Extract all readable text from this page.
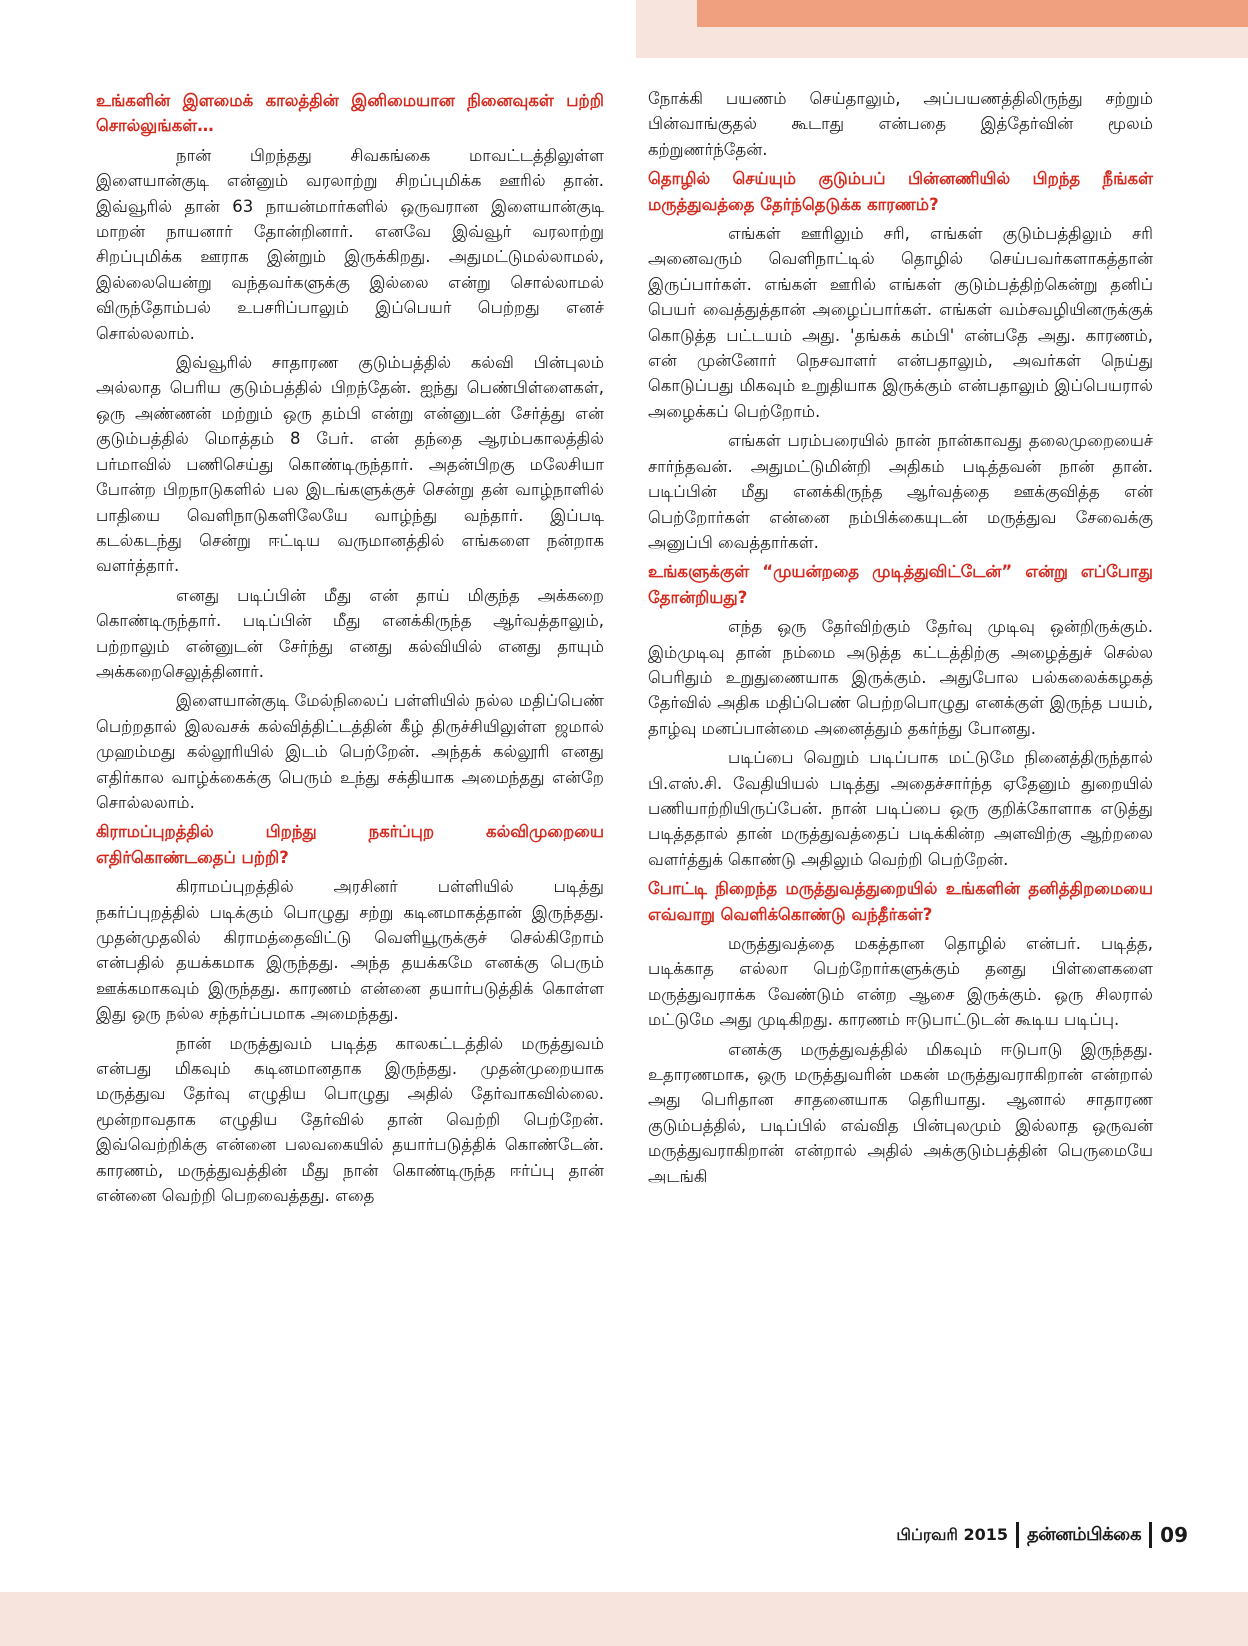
உங்களின் இளமைக் காலத்தின் இனிமையான நினைவுகள் பற்றி சொல்லுங்கள்…
நான் பிறந்தது சிவகங்கை மாவட்டத்திலுள்ள இளையான்குடி என்னும் வரலாற்று சிறப்புமிக்க ஊரில் தான். இவ்வூரில் தான் 63 நாயன்மார்களில் ஒருவரான இளையான்குடி மாறன் நாயனார் தோன்றினார். எனவே இவ்வூர் வரலாற்று சிறப்புமிக்க ஊராக இன்றும் இருக்கிறது. அதுமட்டுமல்லாமல், இல்லையென்று வந்தவர்களுக்கு இல்லை என்று சொல்லாமல் விருந்தோம்பல் உபசரிப்பாலும் இப்பெயர் பெற்றது எனச் சொல்லலாம்.
இவ்வூரில் சாதாரண குடும்பத்தில் கல்வி பின்புலம் அல்லாத பெரிய குடும்பத்தில் பிறந்தேன். ஐந்து பெண்பிள்ளைகள், ஒரு அண்ணன் மற்றும் ஒரு தம்பி என்று என்னுடன் சேர்த்து என் குடும்பத்தில் மொத்தம் 8 பேர். என் தந்தை ஆரம்பகாலத்தில் பர்மாவில் பணிசெய்து கொண்டிருந்தார். அதன்பிறகு மலேசியா போன்ற பிறநாடுகளில் பல இடங்களுக்குச் சென்று தன் வாழ்நாளில் பாதியை வெளிநாடுகளிலேயே வாழ்ந்து வந்தார். இப்படி கடல்கடந்து சென்று ஈட்டிய வருமானத்தில் எங்களை நன்றாக வளர்த்தார்.
எனது படிப்பின் மீது என் தாய் மிகுந்த அக்கறை கொண்டிருந்தார். படிப்பின் மீது எனக்கிருந்த ஆர்வத்தாலும், பற்றாலும் என்னுடன் சேர்ந்து எனது கல்வியில் எனது தாயும் அக்கறைசெலுத்தினார்.
இளையான்குடி மேல்நிலைப் பள்ளியில் நல்ல மதிப்பெண் பெற்றதால் இலவசக் கல்வித்திட்டத்தின் கீழ் திருச்சியிலுள்ள ஜமால் முஹம்மது கல்லூரியில் இடம் பெற்றேன். அந்தக் கல்லூரி எனது எதிர்கால வாழ்க்கைக்கு பெரும் உந்து சக்தியாக அமைந்தது என்றே சொல்லலாம்.
கிராமப்புறத்தில் பிறந்து நகர்ப்புற கல்விமுறையை எதிர்கொண்டதைப் பற்றி?
கிராமப்புறத்தில் அரசினர் பள்ளியில் படித்து நகர்ப்புறத்தில் படிக்கும் பொழுது சற்று கடினமாகத்தான் இருந்தது. முதன்முதலில் கிராமத்தைவிட்டு வெளியூருக்குச் செல்கிறோம் என்பதில் தயக்கமாக இருந்தது. அந்த தயக்கமே எனக்கு பெரும் ஊக்கமாகவும் இருந்தது. காரணம் என்னை தயார்படுத்திக் கொள்ள இது ஒரு நல்ல சந்தர்ப்பமாக அமைந்தது.
நான் மருத்துவம் படித்த காலகட்டத்தில் மருத்துவம் என்பது மிகவும் கடினமானதாக இருந்தது. முதன்முறையாக மருத்துவ தேர்வு எழுதிய பொழுது அதில் தேர்வாகவில்லை. மூன்றாவதாக எழுதிய தேர்வில் தான் வெற்றி பெற்றேன். இவ்வெற்றிக்கு என்னை பலவகையில் தயார்படுத்திக் கொண்டேன். காரணம், மருத்துவத்தின் மீது நான் கொண்டிருந்த ஈர்ப்பு தான் என்னை வெற்றி பெறவைத்தது. எதை
நோக்கி பயணம் செய்தாலும், அப்பயணத்திலிருந்து சற்றும் பின்வாங்குதல் கூடாது என்பதை இத்தேர்வின் மூலம் கற்றுணர்ந்தேன்.
தொழில் செய்யும் குடும்பப் பின்னணியில் பிறந்த நீங்கள் மருத்துவத்தை தேர்ந்தெடுக்க காரணம்?
எங்கள் ஊரிலும் சரி, எங்கள் குடும்பத்திலும் சரி அனைவரும் வெளிநாட்டில் தொழில் செய்பவர்களாகத்தான் இருப்பார்கள். எங்கள் ஊரில் எங்கள் குடும்பத்திற்கென்று தனிப் பெயர் வைத்துத்தான் அழைப்பார்கள். எங்கள் வம்சவழியினருக்குக் கொடுத்த பட்டயம் அது. 'தங்கக் கம்பி' என்பதே அது. காரணம், என் முன்னோர் நெசவாளர் என்பதாலும், அவர்கள் நெய்து கொடுப்பது மிகவும் உறுதியாக இருக்கும் என்பதாலும் இப்பெயரால் அழைக்கப் பெற்றோம்.
எங்கள் பரம்பரையில் நான் நான்காவது தலைமுறையைச் சார்ந்தவன். அதுமட்டுமின்றி அதிகம் படித்தவன் நான் தான். படிப்பின் மீது எனக்கிருந்த ஆர்வத்தை ஊக்குவித்த என் பெற்றோர்கள் என்னை நம்பிக்கையுடன் மருத்துவ சேவைக்கு அனுப்பி வைத்தார்கள்.
உங்களுக்குள் “முயன்றதை முடித்துவிட்டேன்” என்று எப்போது தோன்றியது?
எந்த ஒரு தேர்விற்கும் தேர்வு முடிவு ஒன்றிருக்கும். இம்முடிவு தான் நம்மை அடுத்த கட்டத்திற்கு அழைத்துச் செல்ல பெரிதும் உறுதுணையாக இருக்கும். அதுபோல பல்கலைக்கழகத் தேர்வில் அதிக மதிப்பெண் பெற்றபொழுது எனக்குள் இருந்த பயம், தாழ்வு மனப்பான்மை அனைத்தும் தகர்ந்து போனது.
படிப்பை வெறும் படிப்பாக மட்டுமே நினைத்திருந்தால் பி.எஸ்.சி. வேதியியல் படித்து அதைச்சார்ந்த ஏதேனும் துறையில் பணியாற்றியிருப்பேன். நான் படிப்பை ஒரு குறிக்கோளாக எடுத்து படித்ததால் தான் மருத்துவத்தைப் படிக்கின்ற அளவிற்கு ஆற்றலை வளர்த்துக் கொண்டு அதிலும் வெற்றி பெற்றேன்.
போட்டி நிறைந்த மருத்துவத்துறையில் உங்களின் தனித்திறமையை எவ்வாறு வெளிக்கொண்டு வந்தீர்கள்?
மருத்துவத்தை மகத்தான தொழில் என்பர். படித்த, படிக்காத எல்லா பெற்றோர்களுக்கும் தனது பிள்ளைகளை மருத்துவராக்க வேண்டும் என்ற ஆசை இருக்கும். ஒரு சிலரால் மட்டுமே அது முடிகிறது. காரணம் ஈடுபாட்டுடன் கூடிய படிப்பு.
எனக்கு மருத்துவத்தில் மிகவும் ஈடுபாடு இருந்தது. உதாரணமாக, ஒரு மருத்துவரின் மகன் மருத்துவராகிறான் என்றால் அது பெரிதான சாதனையாக தெரியாது. ஆனால் சாதாரண குடும்பத்தில், படிப்பில் எவ்வித பின்புலமும் இல்லாத ஒருவன் மருத்துவராகிறான் என்றால் அதில் அக்குடும்பத்தின் பெருமையே அடங்கி
பிப்ரவரி 2015 தன்னம்பிக்கை 09
